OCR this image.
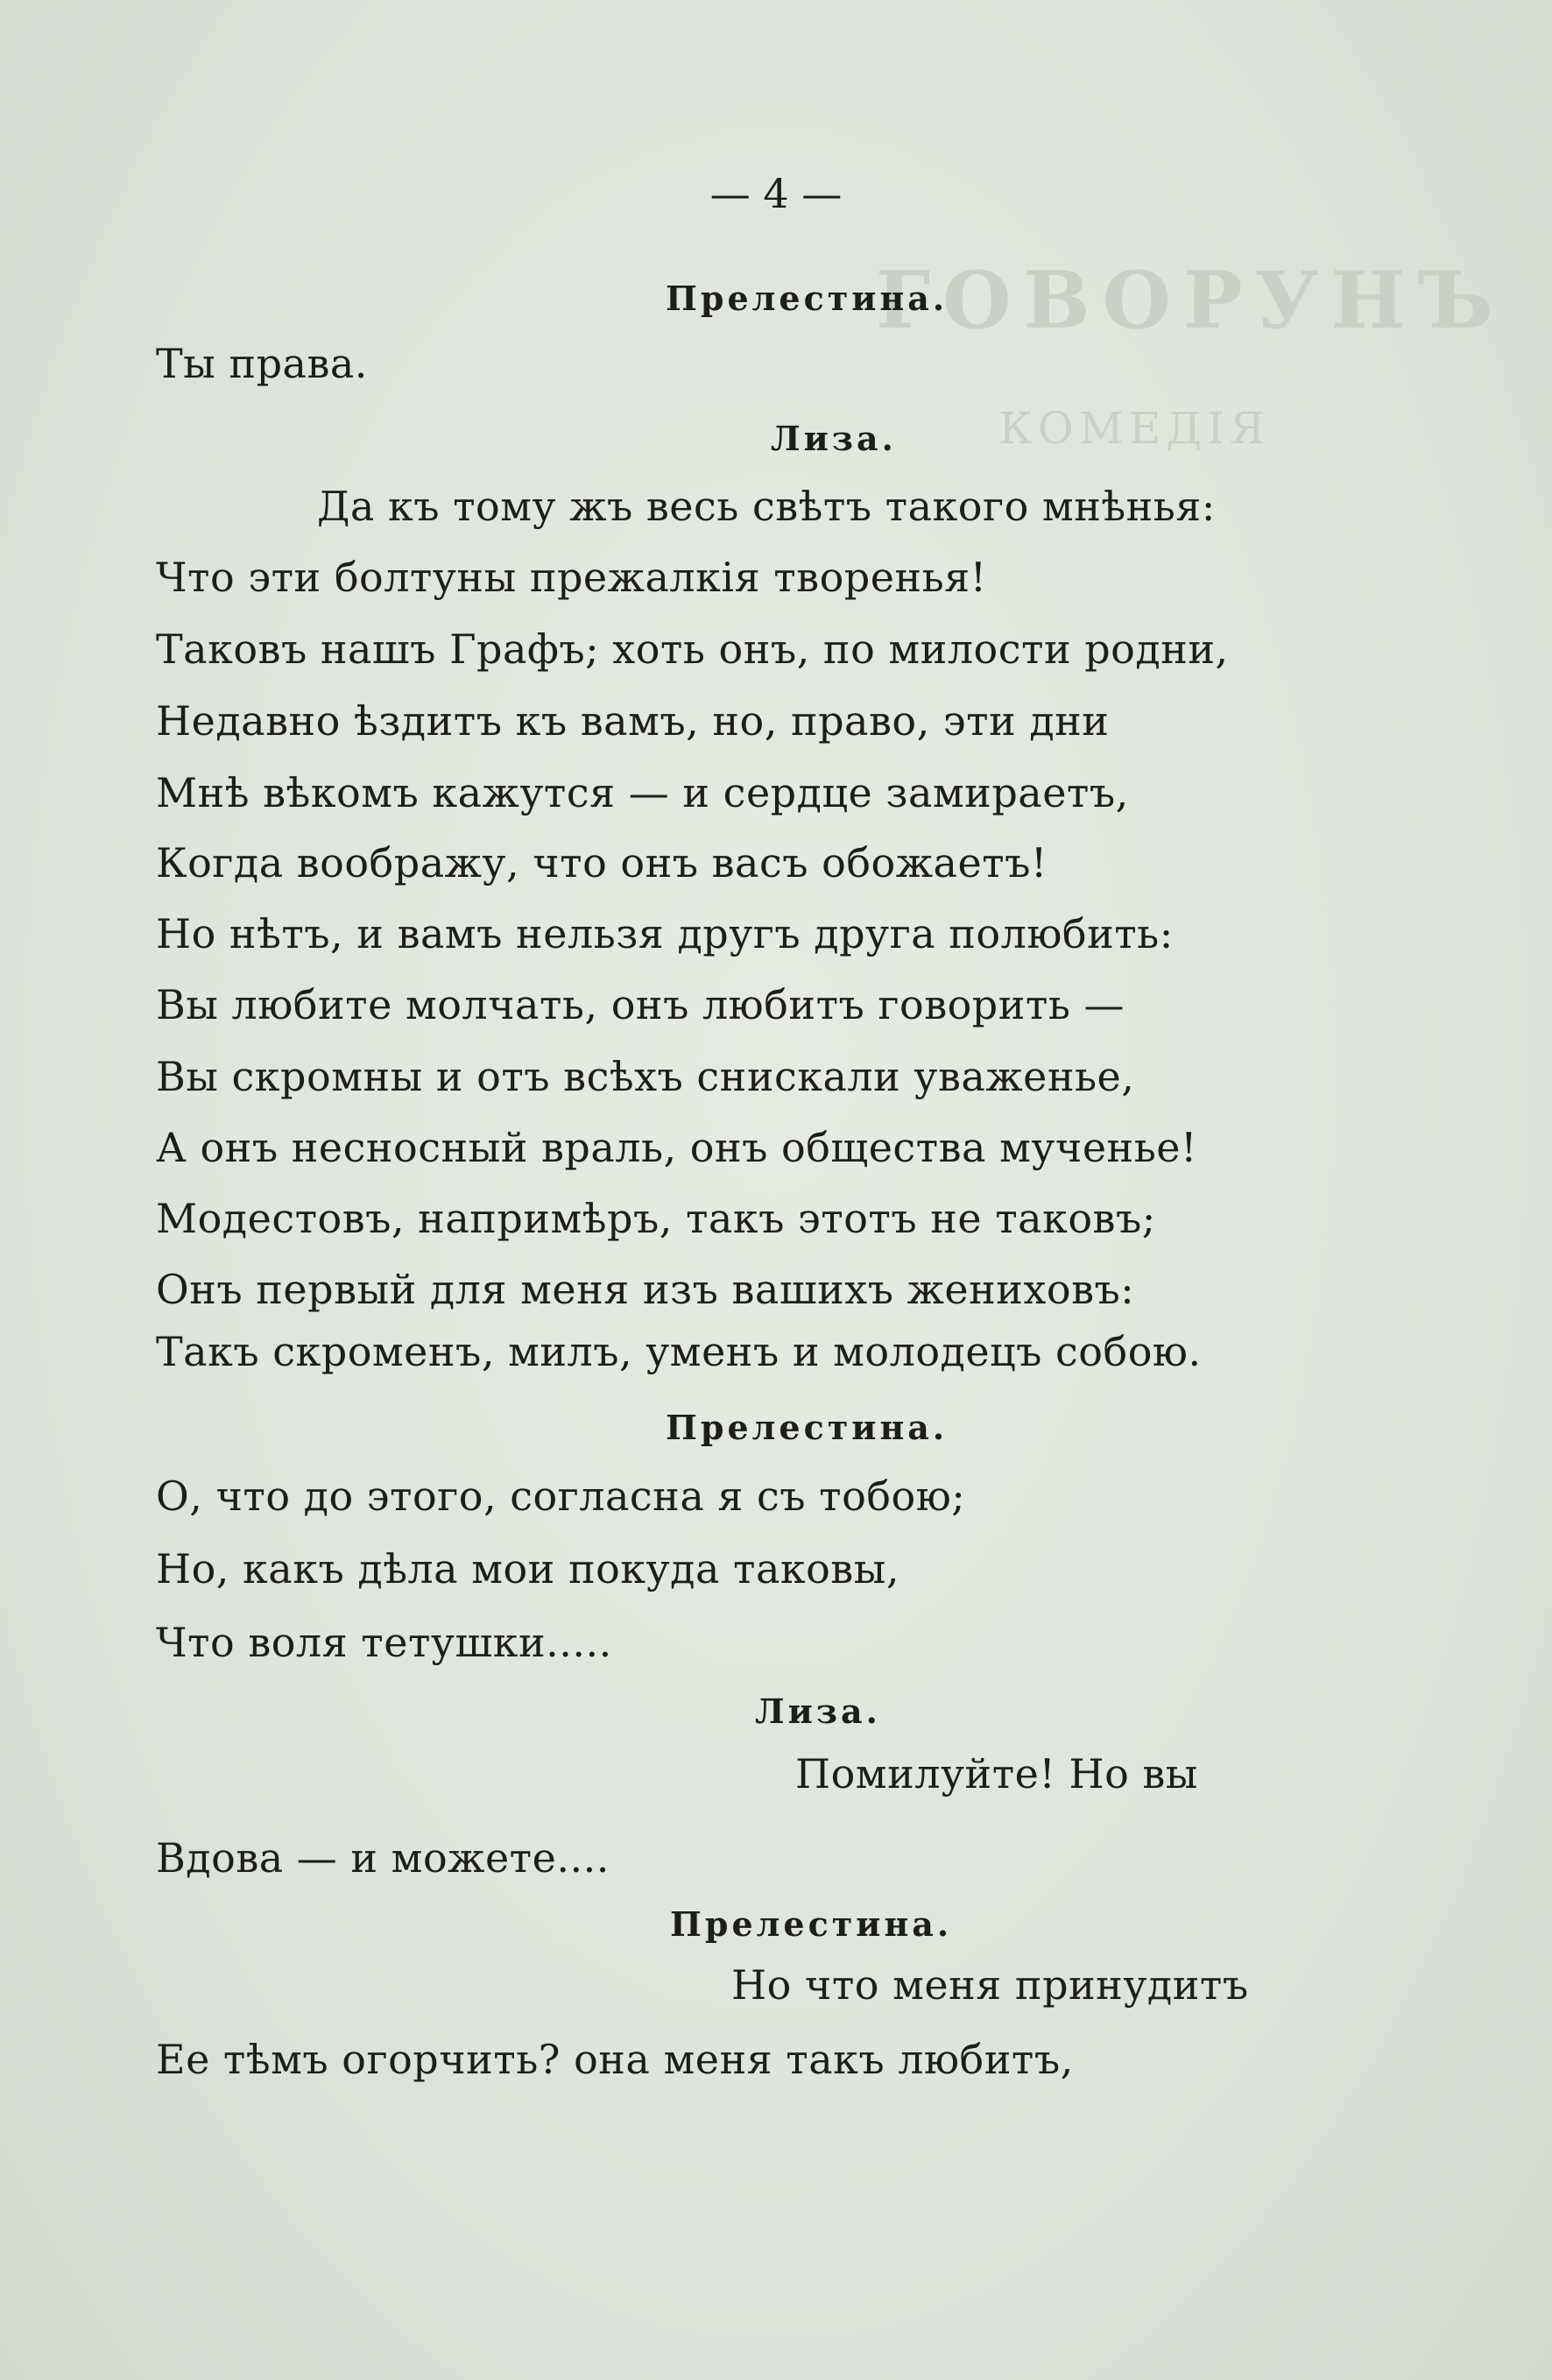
ГОВОРУНЪ
КОМЕДІЯ
— 4 —
Прелестина.
Ты права.
Лиза.
Да къ тому жъ весь свѣтъ такого мнѣнья:
Что эти болтуны прежалкія творенья!
Таковъ нашъ Графъ; хоть онъ, по милости родни,
Недавно ѣздитъ къ вамъ, но, право, эти дни
Мнѣ вѣкомъ кажутся — и сердце замираетъ,
Когда воображу, что онъ васъ обожаетъ!
Но нѣтъ, и вамъ нельзя другъ друга полюбить:
Вы любите молчать, онъ любитъ говорить —
Вы скромны и отъ всѣхъ снискали уваженье,
А онъ несносный враль, онъ общества мученье!
Модестовъ, напримѣръ, такъ этотъ не таковъ;
Онъ первый для меня изъ вашихъ жениховъ:
Такъ скроменъ, милъ, уменъ и молодецъ собою.
Прелестина.
О, что до этого, согласна я съ тобою;
Но, какъ дѣла мои покуда таковы,
Что воля тетушки.....
Лиза.
Помилуйте! Но вы
Вдова — и можете....
Прелестина.
Но что меня принудитъ
Ее тѣмъ огорчить? она меня такъ любитъ,
